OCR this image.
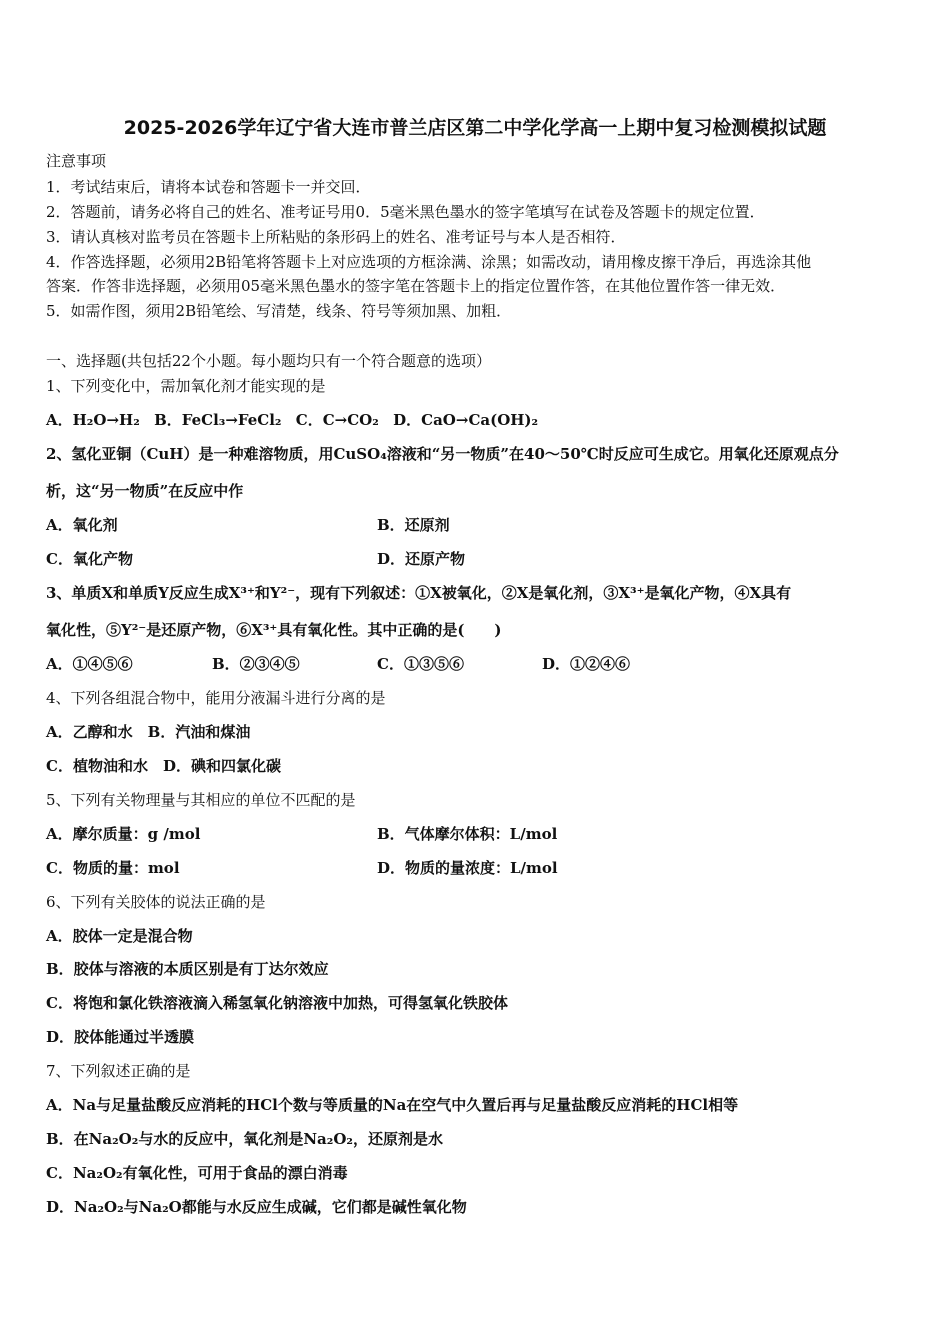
2025-2026学年辽宁省大连市普兰店区第二中学化学高一上期中复习检测模拟试题
注意事项
1．考试结束后，请将本试卷和答题卡一并交回．
2．答题前，请务必将自己的姓名、准考证号用0．5毫米黑色墨水的签字笔填写在试卷及答题卡的规定位置．
3．请认真核对监考员在答题卡上所粘贴的条形码上的姓名、准考证号与本人是否相符．
4．作答选择题，必须用2B铅笔将答题卡上对应选项的方框涂满、涂黑；如需改动，请用橡皮擦干净后，再选涂其他
答案．作答非选择题，必须用05毫米黑色墨水的签字笔在答题卡上的指定位置作答，在其他位置作答一律无效．
5．如需作图，须用2B铅笔绘、写清楚，线条、符号等须加黑、加粗．
一、选择题(共包括22个小题。每小题均只有一个符合题意的选项）
1、下列变化中，需加氧化剂才能实现的是
A．H₂O→H₂ B．FeCl₃→FeCl₂ C．C→CO₂ D．CaO→Ca(OH)₂
2、氢化亚铜（CuH）是一种难溶物质，用CuSO₄溶液和“另一物质”在40～50℃时反应可生成它。用氧化还原观点分
析，这“另一物质”在反应中作
A．氧化剂	B．还原剂
C．氧化产物	D．还原产物
3、单质X和单质Y反应生成X³⁺和Y²⁻，现有下列叙述：①X被氧化，②X是氧化剂，③X³⁺是氧化产物，④X具有
氧化性，⑤Y²⁻是还原产物，⑥X³⁺具有氧化性。其中正确的是(　　)
A．①④⑤⑥	B．②③④⑤	C．①③⑤⑥	D．①②④⑥
4、下列各组混合物中，能用分液漏斗进行分离的是
A．乙醇和水　B．汽油和煤油
C．植物油和水　D．碘和四氯化碳
5、下列有关物理量与其相应的单位不匹配的是
A．摩尔质量：g /mol	B．气体摩尔体积：L/mol
C．物质的量：mol	D．物质的量浓度：L/mol
6、下列有关胶体的说法正确的是
A．胶体一定是混合物
B．胶体与溶液的本质区别是有丁达尔效应
C．将饱和氯化铁溶液滴入稀氢氧化钠溶液中加热，可得氢氧化铁胶体
D．胶体能通过半透膜
7、下列叙述正确的是
A．Na与足量盐酸反应消耗的HCl个数与等质量的Na在空气中久置后再与足量盐酸反应消耗的HCl相等
B．在Na₂O₂与水的反应中，氧化剂是Na₂O₂，还原剂是水
C．Na₂O₂有氧化性，可用于食品的漂白消毒
D．Na₂O₂与Na₂O都能与水反应生成碱，它们都是碱性氧化物
